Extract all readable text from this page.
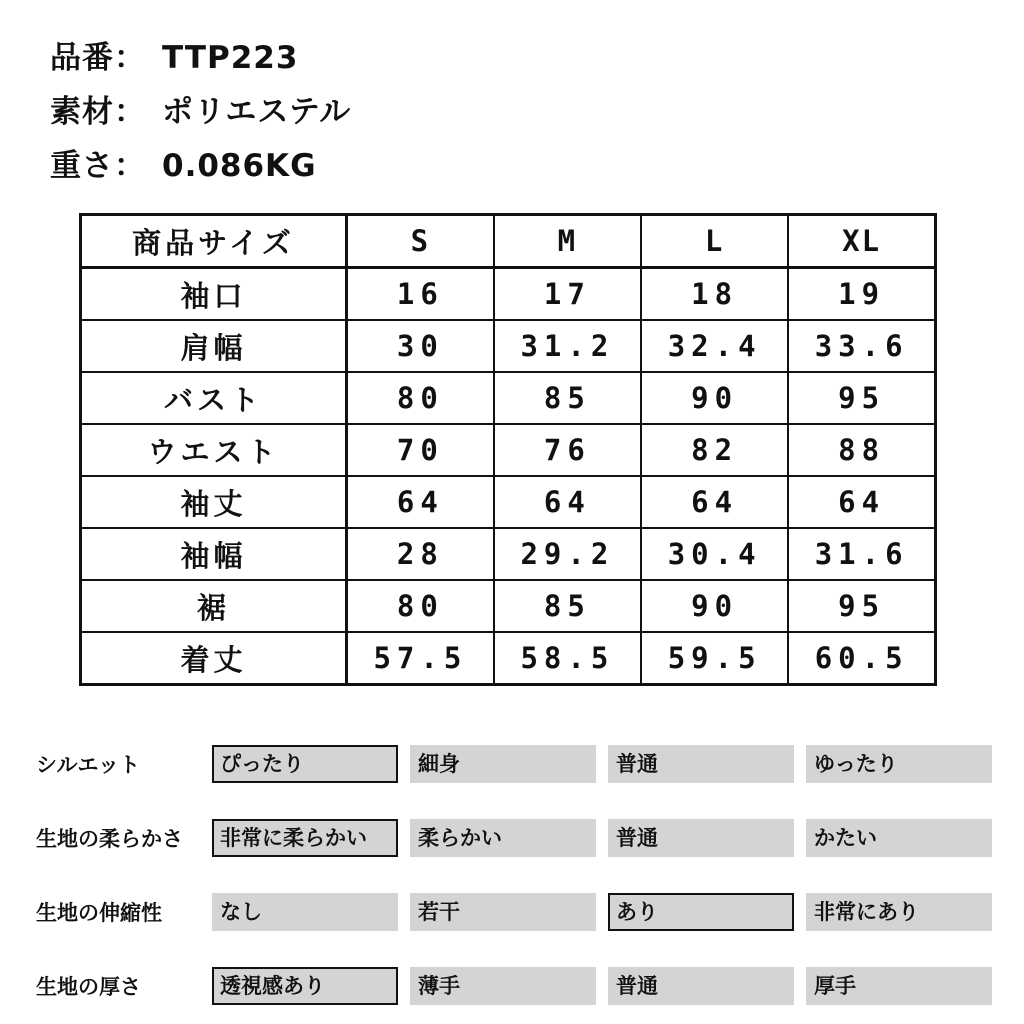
品番： TTP223
素材： ポリエステル
重さ： 0.086KG
商品サイズ	S	M	L	XL
袖口	16	17	18	19
肩幅	30	31.2	32.4	33.6
バスト	80	85	90	95
ウエスト	70	76	82	88
袖丈	64	64	64	64
袖幅	28	29.2	30.4	31.6
裾	80	85	90	95
着丈	57.5	58.5	59.5	60.5
シルエット	ぴったり	細身	普通	ゆったり
生地の柔らかさ	非常に柔らかい	柔らかい	普通	かたい
生地の伸縮性	なし	若干	あり	非常にあり
生地の厚さ	透視感あり	薄手	普通	厚手
